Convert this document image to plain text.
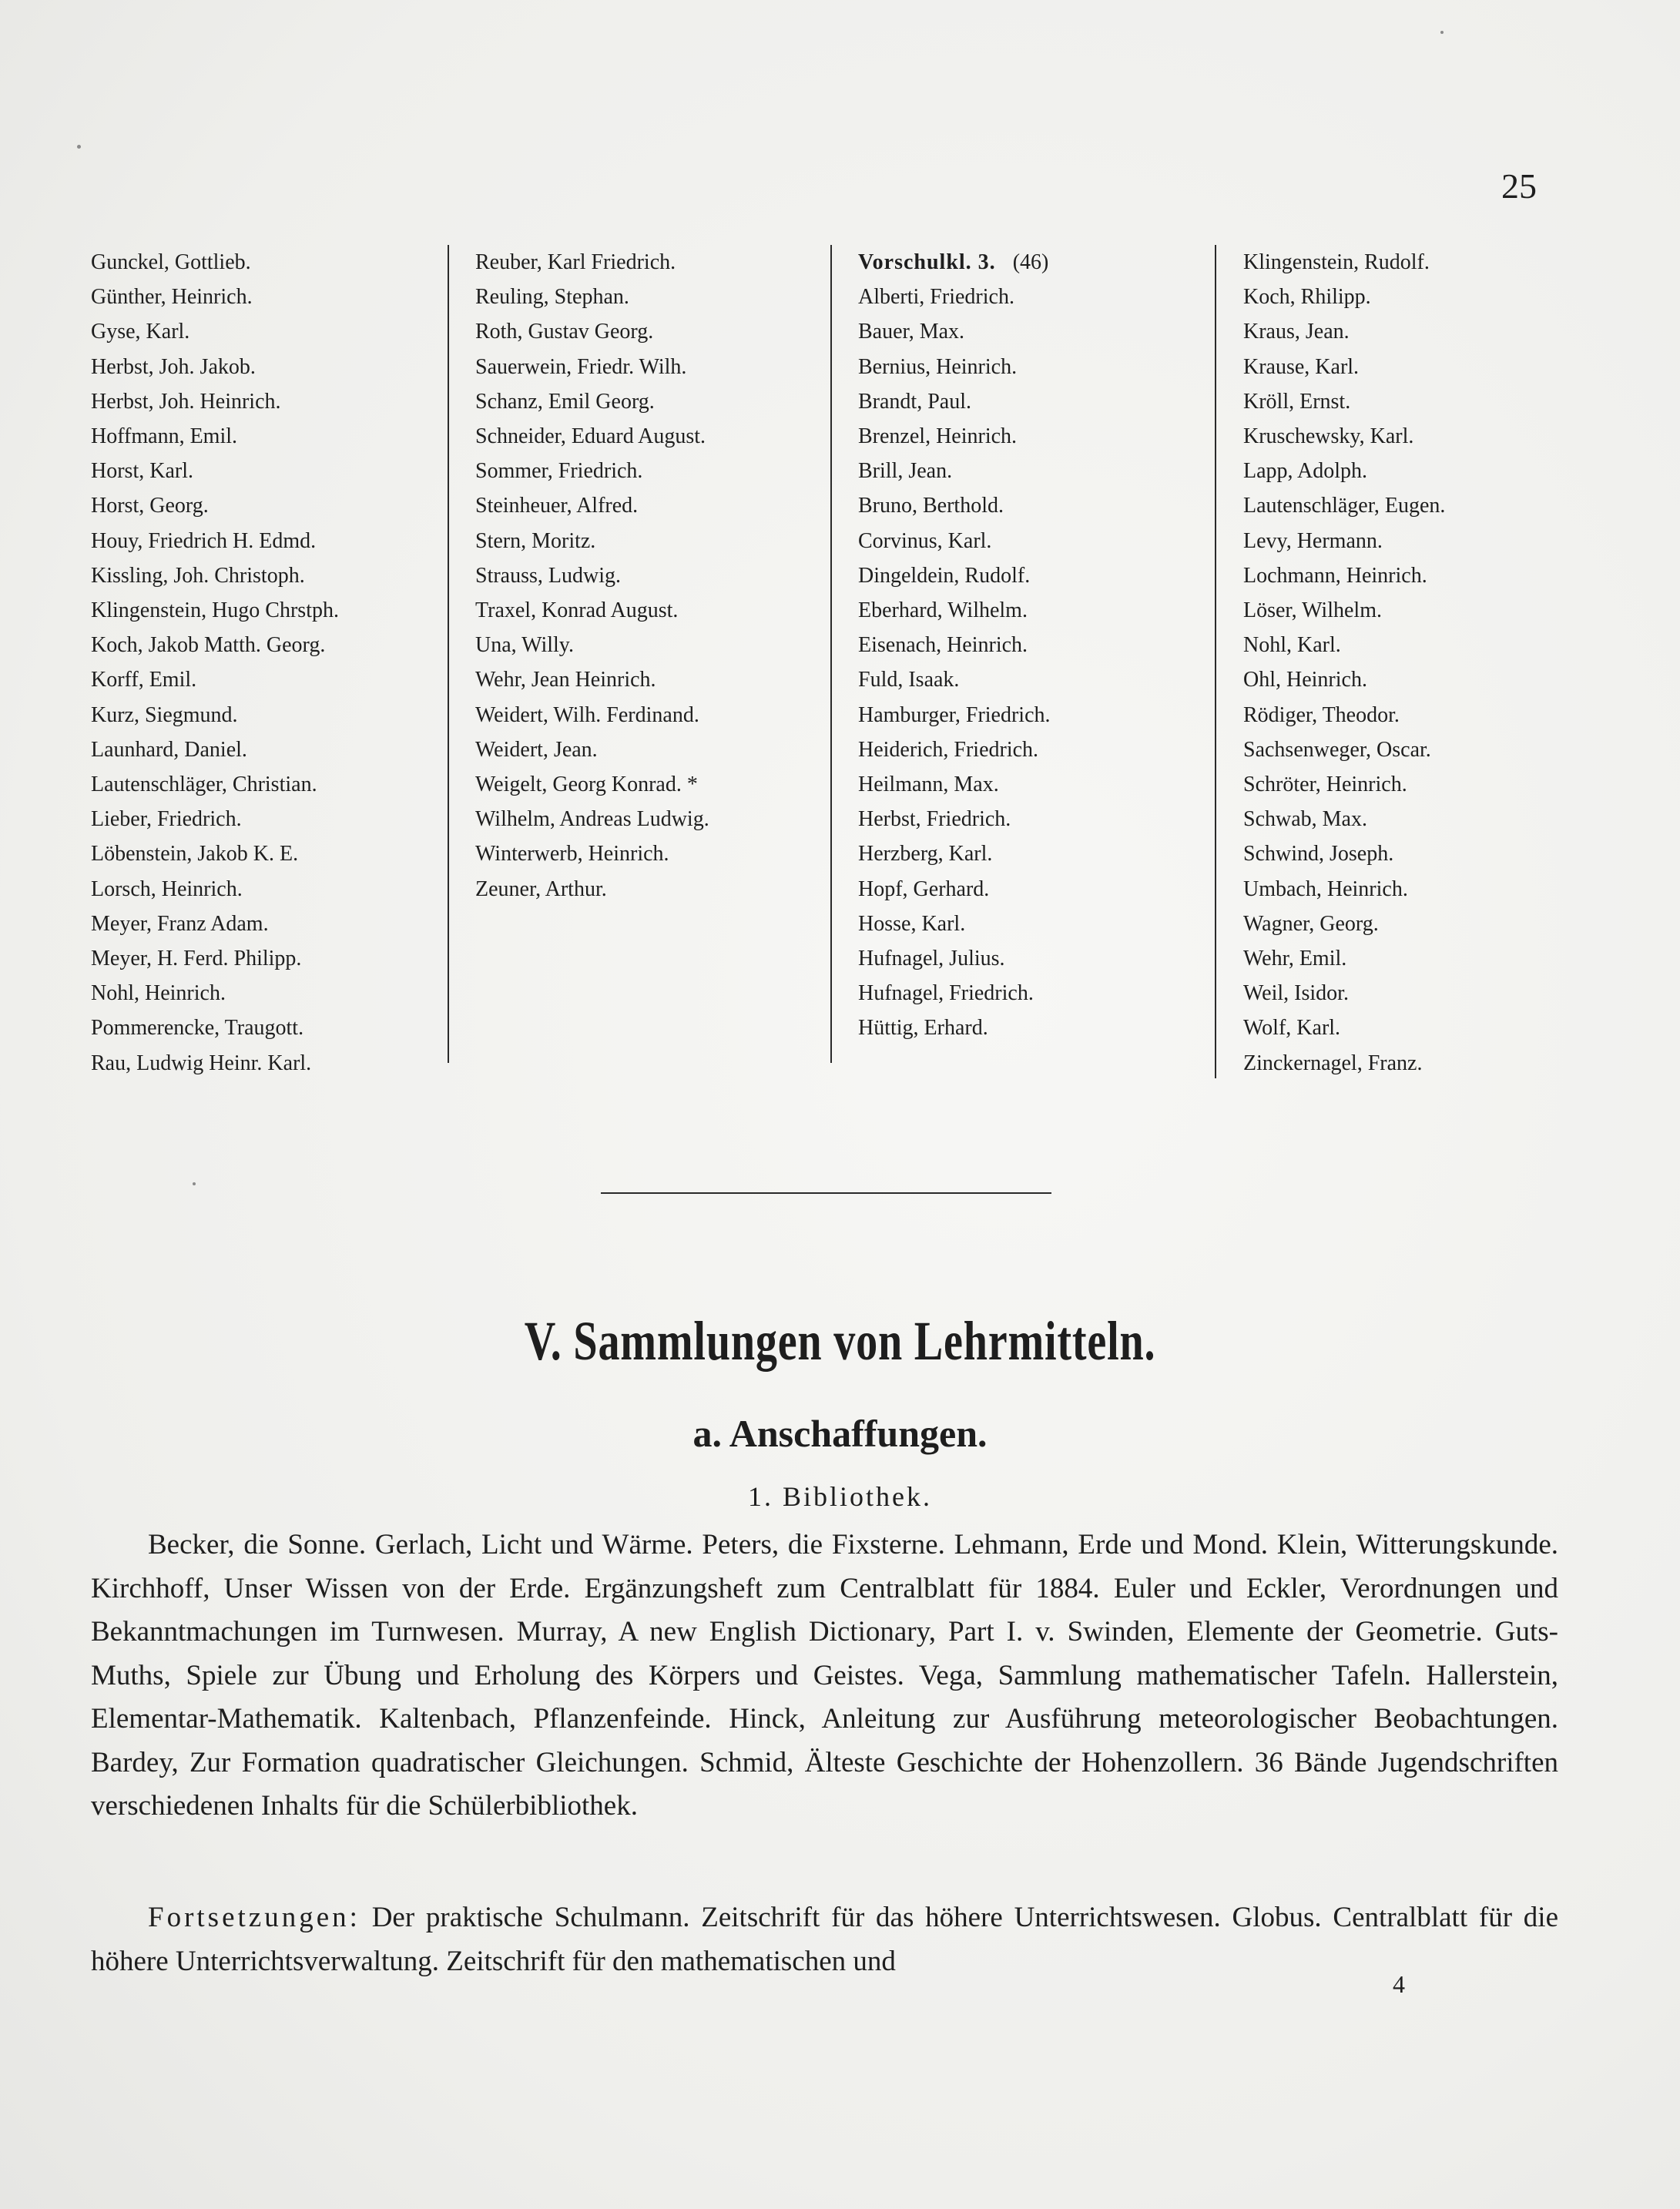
25
Gunckel, Gottlieb.
Günther, Heinrich.
Gyse, Karl.
Herbst, Joh. Jakob.
Herbst, Joh. Heinrich.
Hoffmann, Emil.
Horst, Karl.
Horst, Georg.
Houy, Friedrich H. Edmd.
Kissling, Joh. Christoph.
Klingenstein, Hugo Chrstph.
Koch, Jakob Matth. Georg.
Korff, Emil.
Kurz, Siegmund.
Launhard, Daniel.
Lautenschläger, Christian.
Lieber, Friedrich.
Löbenstein, Jakob K. E.
Lorsch, Heinrich.
Meyer, Franz Adam.
Meyer, H. Ferd. Philipp.
Nohl, Heinrich.
Pommerencke, Traugott.
Rau, Ludwig Heinr. Karl.
Reuber, Karl Friedrich.
Reuling, Stephan.
Roth, Gustav Georg.
Sauerwein, Friedr. Wilh.
Schanz, Emil Georg.
Schneider, Eduard August.
Sommer, Friedrich.
Steinheuer, Alfred.
Stern, Moritz.
Strauss, Ludwig.
Traxel, Konrad August.
Una, Willy.
Wehr, Jean Heinrich.
Weidert, Wilh. Ferdinand.
Weidert, Jean.
Weigelt, Georg Konrad. *
Wilhelm, Andreas Ludwig.
Winterwerb, Heinrich.
Zeuner, Arthur.
Vorschulkl. 3. (46)
Alberti, Friedrich.
Bauer, Max.
Bernius, Heinrich.
Brandt, Paul.
Brenzel, Heinrich.
Brill, Jean.
Bruno, Berthold.
Corvinus, Karl.
Dingeldein, Rudolf.
Eberhard, Wilhelm.
Eisenach, Heinrich.
Fuld, Isaak.
Hamburger, Friedrich.
Heiderich, Friedrich.
Heilmann, Max.
Herbst, Friedrich.
Herzberg, Karl.
Hopf, Gerhard.
Hosse, Karl.
Hufnagel, Julius.
Hufnagel, Friedrich.
Hüttig, Erhard.
Klingenstein, Rudolf.
Koch, Rhilipp.
Kraus, Jean.
Krause, Karl.
Kröll, Ernst.
Kruschewsky, Karl.
Lapp, Adolph.
Lautenschläger, Eugen.
Levy, Hermann.
Lochmann, Heinrich.
Löser, Wilhelm.
Nohl, Karl.
Ohl, Heinrich.
Rödiger, Theodor.
Sachsenweger, Oscar.
Schröter, Heinrich.
Schwab, Max.
Schwind, Joseph.
Umbach, Heinrich.
Wagner, Georg.
Wehr, Emil.
Weil, Isidor.
Wolf, Karl.
Zinckernagel, Franz.
V. Sammlungen von Lehrmitteln.
a. Anschaffungen.
1. Bibliothek.

Becker, die Sonne. Gerlach, Licht und Wärme. Peters, die Fixsterne. Lehmann, Erde und Mond. Klein, Witterungskunde. Kirchhoff, Unser Wissen von der Erde. Ergänzungsheft zum Centralblatt für 1884. Euler und Eckler, Verordnungen und Bekanntmachungen im Turnwesen. Murray, A new English Dictionary, Part I. v. Swinden, Elemente der Geometrie. Guts-Muths, Spiele zur Übung und Erholung des Körpers und Geistes. Vega, Sammlung mathematischer Tafeln. Hallerstein, Elementar-Mathematik. Kaltenbach, Pflanzenfeinde. Hinck, Anleitung zur Ausführung meteorologischer Beobachtungen. Bardey, Zur Formation quadratischer Gleichungen. Schmid, Älteste Geschichte der Hohenzollern. 36 Bände Jugendschriften verschiedenen Inhalts für die Schülerbibliothek.

Fortsetzungen: Der praktische Schulmann. Zeitschrift für das höhere Unterrichtswesen. Globus. Centralblatt für die höhere Unterrichtsverwaltung. Zeitschrift für den mathematischen und

4
